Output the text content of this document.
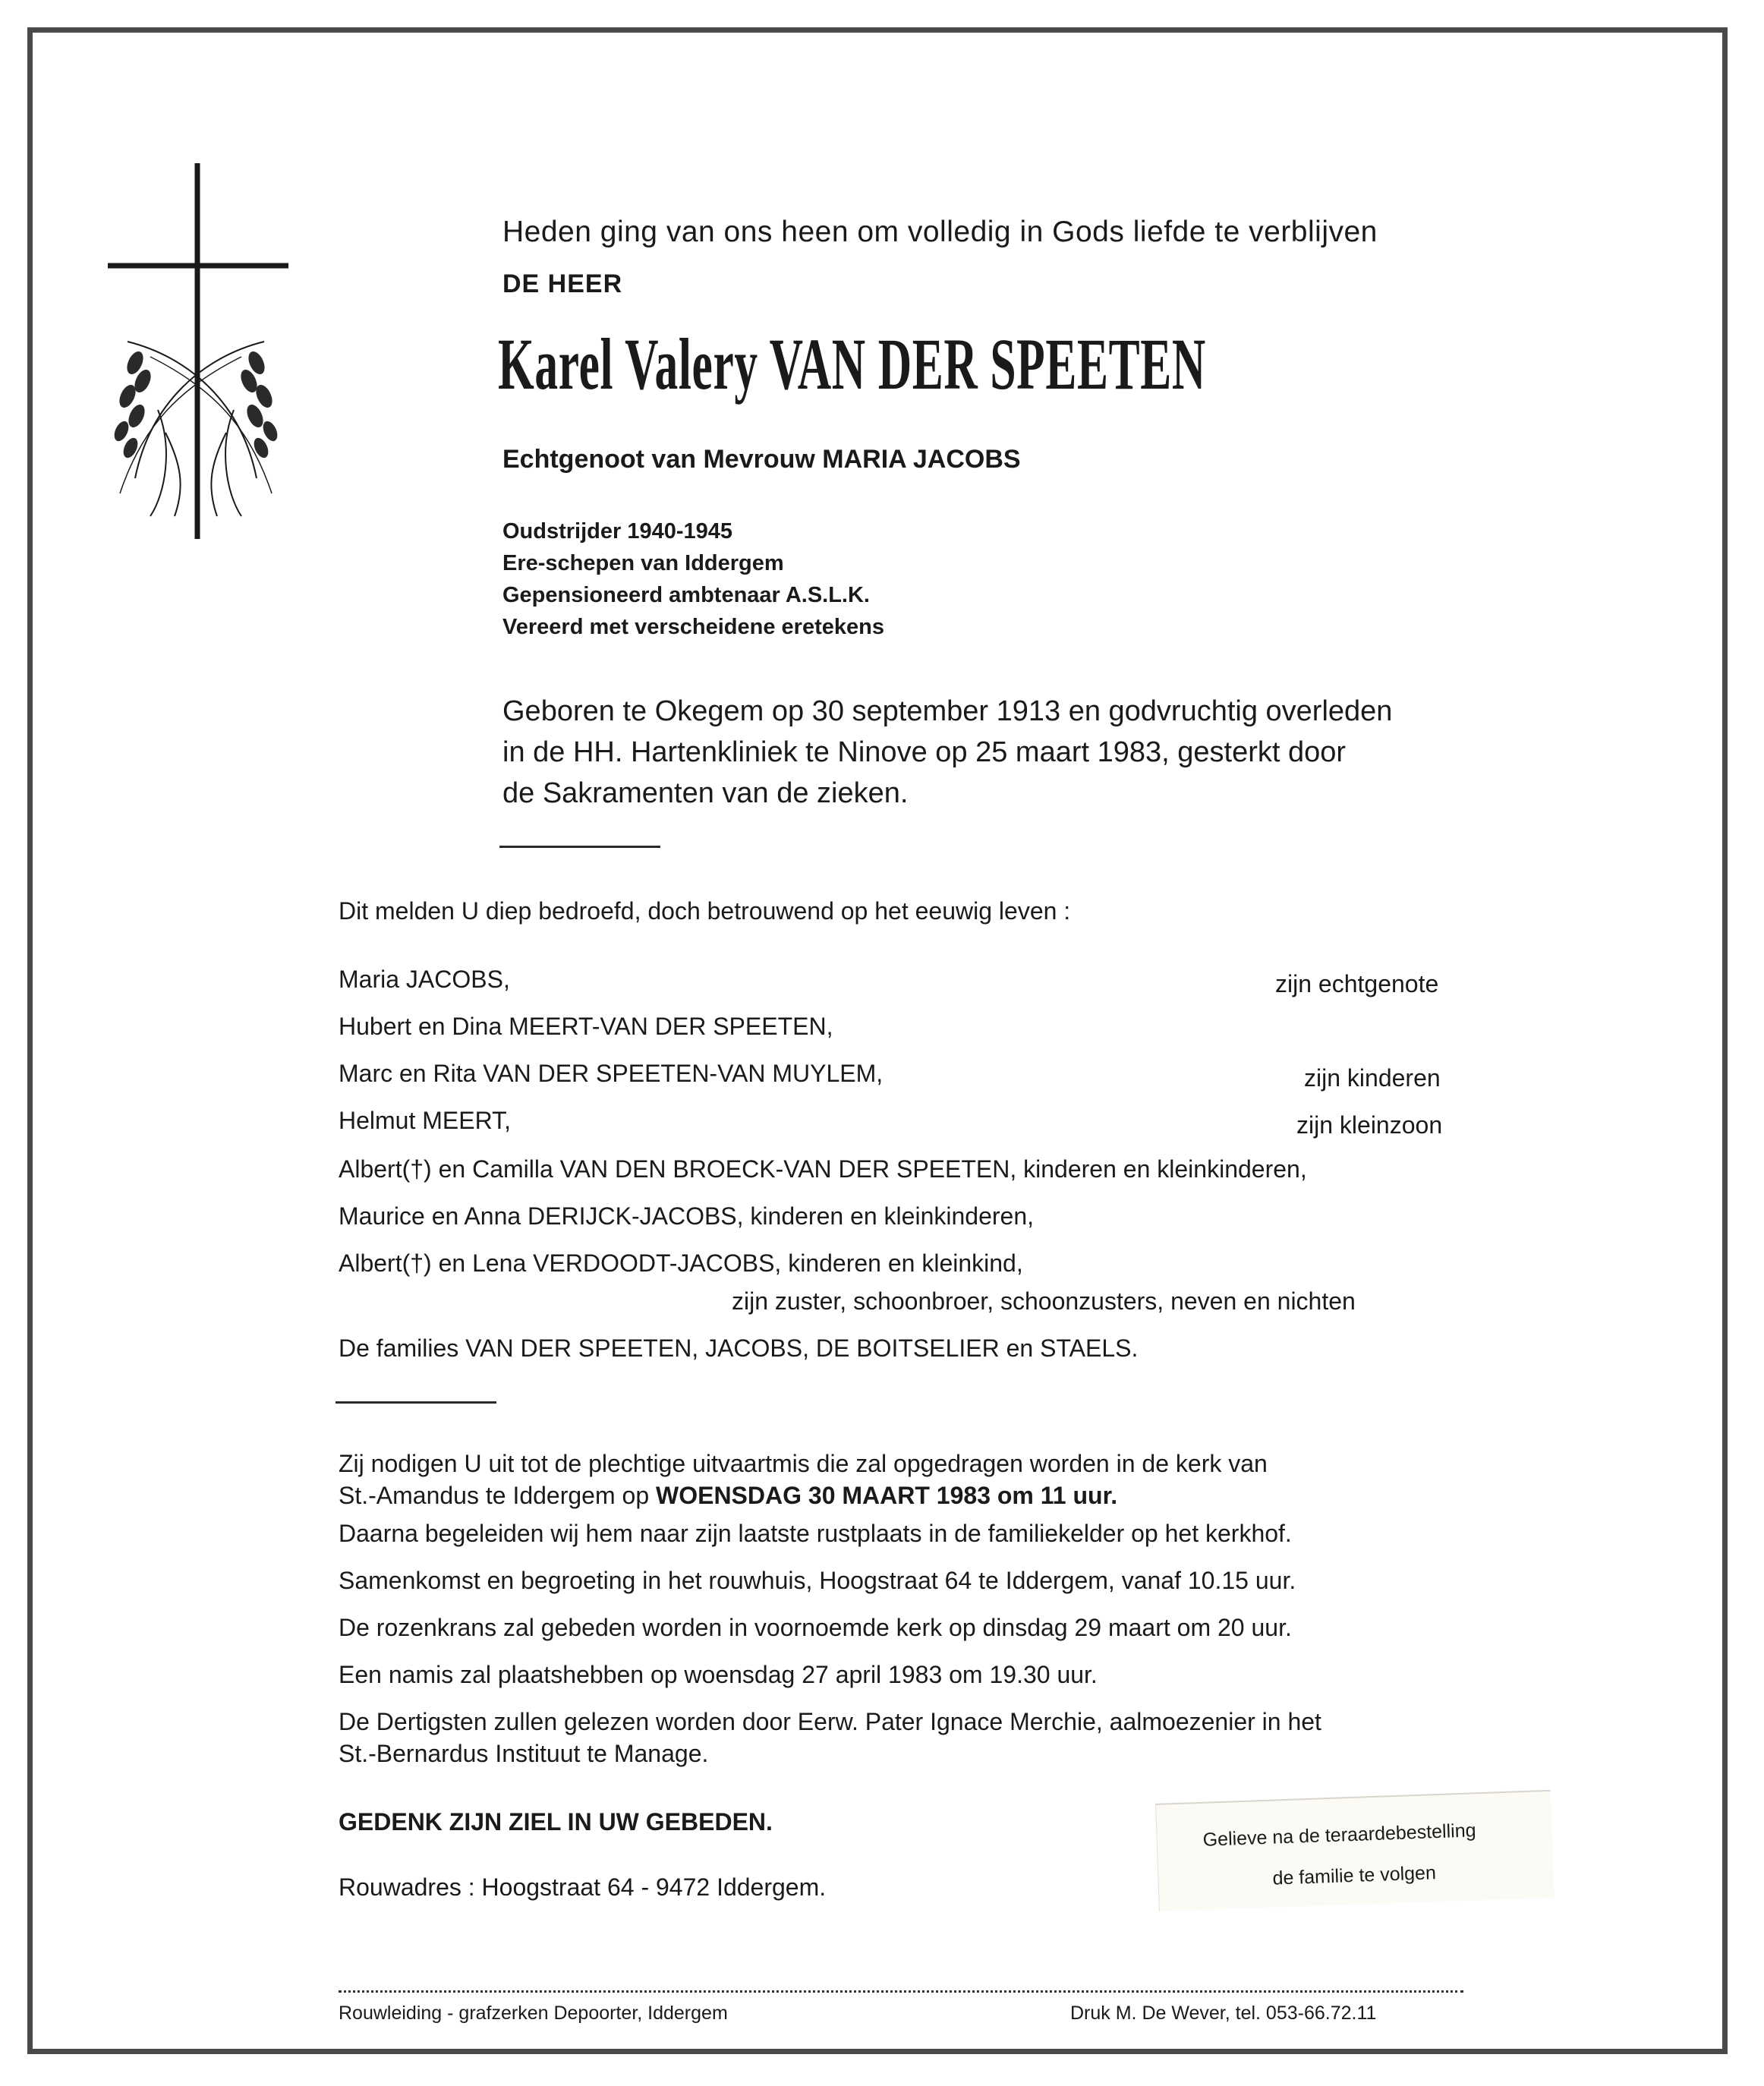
Heden ging van ons heen om volledig in Gods liefde te verblijven
DE HEER
Karel Valery VAN DER SPEETEN
Echtgenoot van Mevrouw MARIA JACOBS
Oudstrijder 1940-1945
Ere-schepen van Iddergem
Gepensioneerd ambtenaar A.S.L.K.
Vereerd met verscheidene eretekens
Geboren te Okegem op 30 september 1913 en godvruchtig overleden
in de HH. Hartenkliniek te Ninove op 25 maart 1983, gesterkt door
de Sakramenten van de zieken.
Dit melden U diep bedroefd, doch betrouwend op het eeuwig leven :
Maria JACOBS,	zijn echtgenote
Hubert en Dina MEERT-VAN DER SPEETEN,
Marc en Rita VAN DER SPEETEN-VAN MUYLEM,	zijn kinderen
Helmut MEERT,	zijn kleinzoon
Albert(†) en Camilla VAN DEN BROECK-VAN DER SPEETEN, kinderen en kleinkinderen,
Maurice en Anna DERIJCK-JACOBS, kinderen en kleinkinderen,
Albert(†) en Lena VERDOODT-JACOBS, kinderen en kleinkind,
zijn zuster, schoonbroer, schoonzusters, neven en nichten
De families VAN DER SPEETEN, JACOBS, DE BOITSELIER en STAELS.
Zij nodigen U uit tot de plechtige uitvaartmis die zal opgedragen worden in de kerk van
St.-Amandus te Iddergem op WOENSDAG 30 MAART 1983 om 11 uur.
Daarna begeleiden wij hem naar zijn laatste rustplaats in de familiekelder op het kerkhof.
Samenkomst en begroeting in het rouwhuis, Hoogstraat 64 te Iddergem, vanaf 10.15 uur.
De rozenkrans zal gebeden worden in voornoemde kerk op dinsdag 29 maart om 20 uur.
Een namis zal plaatshebben op woensdag 27 april 1983 om 19.30 uur.
De Dertigsten zullen gelezen worden door Eerw. Pater Ignace Merchie, aalmoezenier in het
St.-Bernardus Instituut te Manage.
GEDENK ZIJN ZIEL IN UW GEBEDEN.
Rouwadres : Hoogstraat 64 - 9472 Iddergem.
Gelieve na de teraardebestelling
de familie te volgen
Rouwleiding - grafzerken Depoorter, Iddergem	Druk M. De Wever, tel. 053-66.72.11
